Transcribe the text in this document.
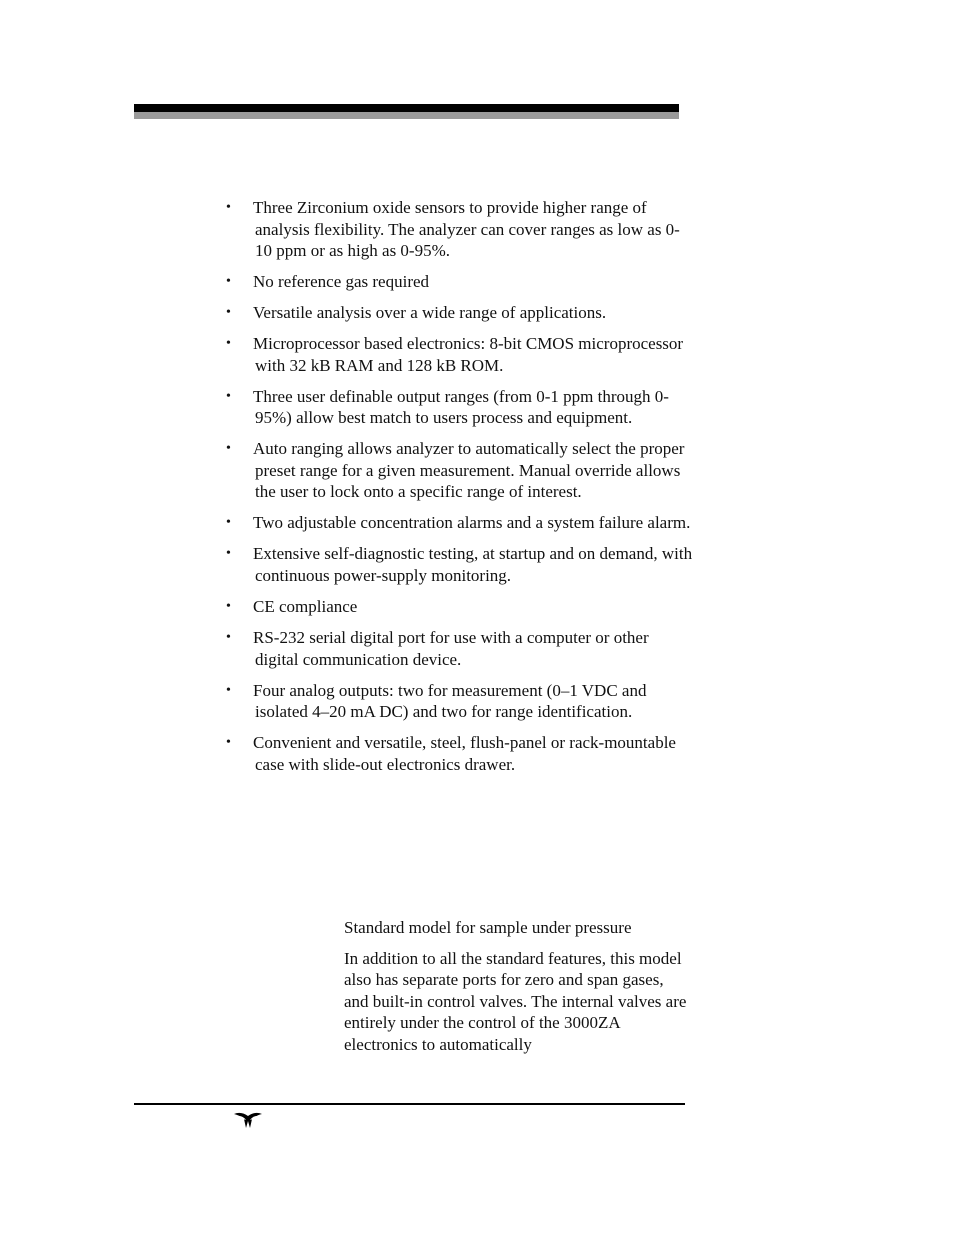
• Three Zirconium oxide sensors to provide higher range of analysis flexibility. The analyzer can cover ranges as low as 0-10 ppm or as high as 0-95%.
• No reference gas required
• Versatile analysis over a wide range of applications.
• Microprocessor based electronics: 8-bit CMOS microprocessor with 32 kB RAM and 128 kB ROM.
• Three user definable output ranges (from 0-1 ppm through 0-95%) allow best match to users process and equipment.
• Auto ranging allows analyzer to automatically select the proper preset range for a given measurement. Manual override allows the user to lock onto a specific range of interest.
• Two adjustable concentration alarms and a system failure alarm.
• Extensive self-diagnostic testing, at startup and on demand, with continuous power-supply monitoring.
• CE compliance
• RS-232 serial digital port for use with a computer or other digital communication device.
• Four analog outputs: two for measurement (0–1 VDC and isolated 4–20 mA DC) and two for range identification.
• Convenient and versatile, steel, flush-panel or rack-mountable case with slide-out electronics drawer.

Standard model for sample under pressure

In addition to all the standard features, this model also has separate ports for zero and span gases, and built-in control valves. The internal valves are entirely under the control of the 3000ZA electronics to automatically
